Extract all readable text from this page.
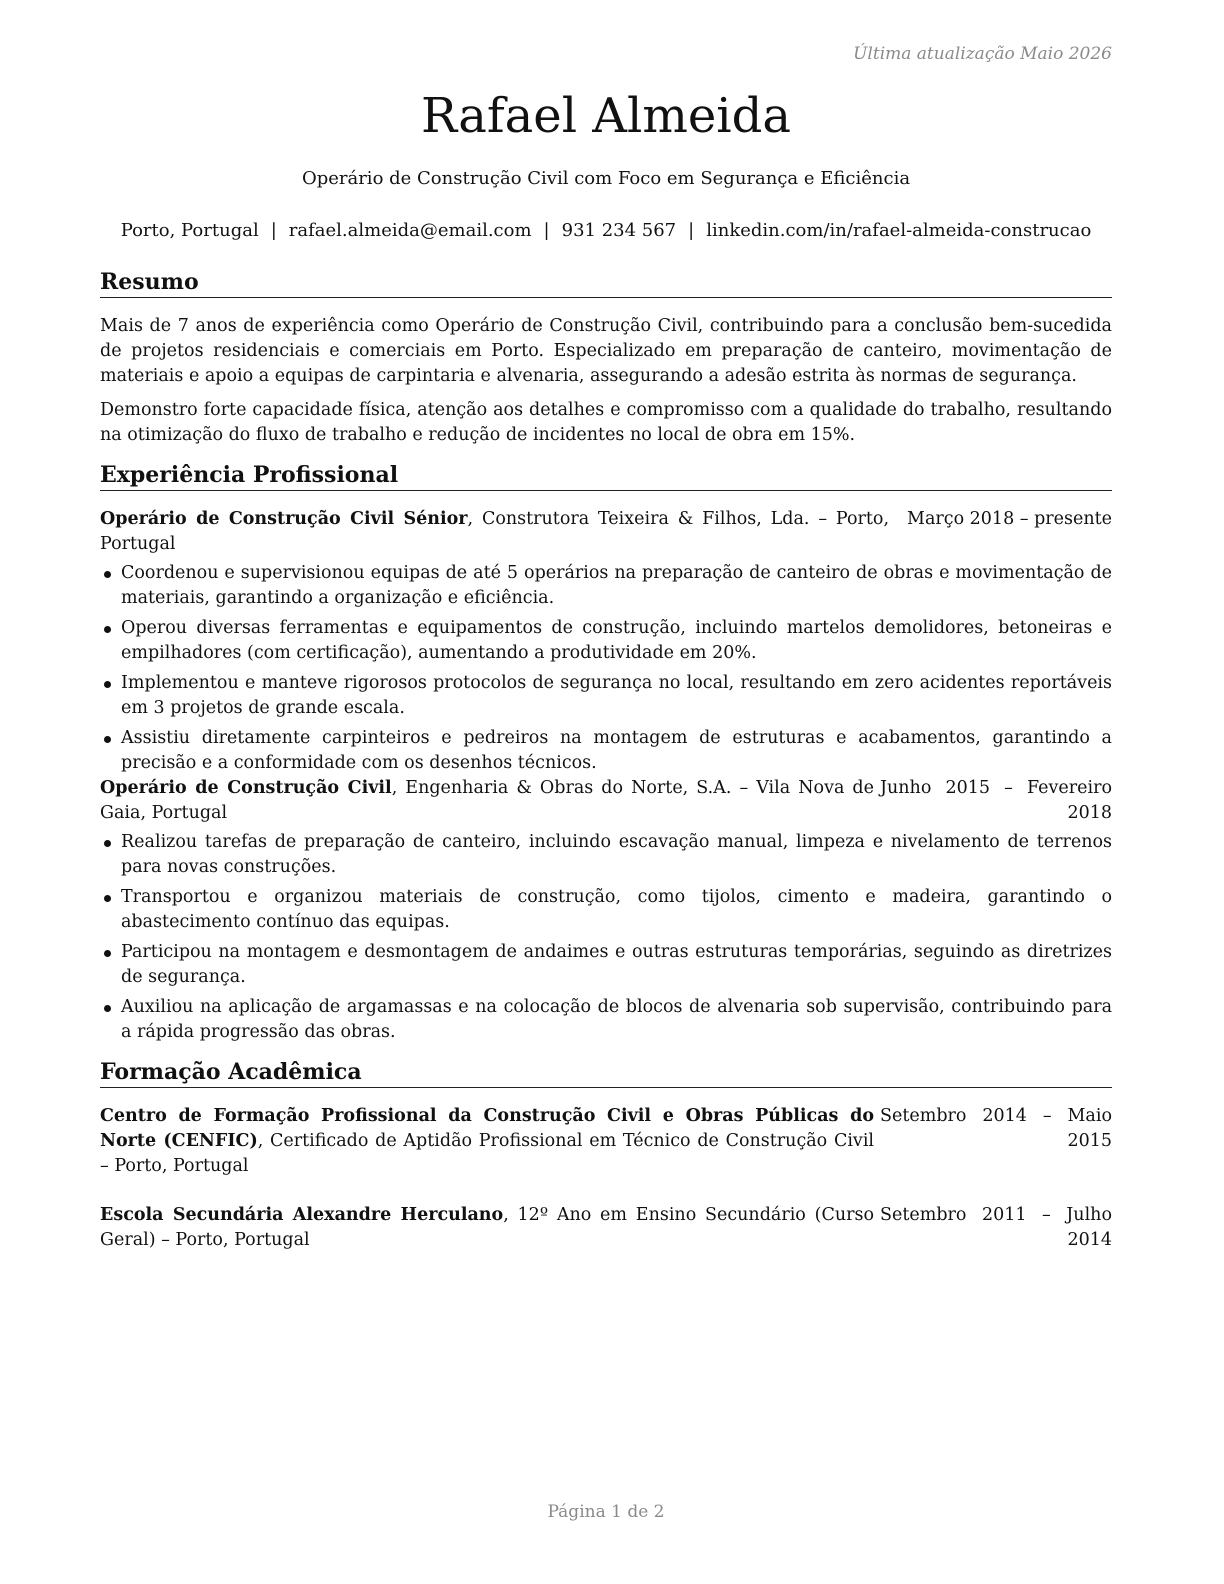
Última atualização Maio 2026
Rafael Almeida
Operário de Construção Civil com Foco em Segurança e Eficiência
Porto, Portugal | rafael.almeida@email.com | 931 234 567 | linkedin.com/in/rafael-almeida-construcao
Resumo

Mais de 7 anos de experiência como Operário de Construção Civil, contribuindo para a conclusão bem-sucedida de projetos residenciais e comerciais em Porto. Especializado em preparação de canteiro, movimentação de materiais e apoio a equipas de carpintaria e alvenaria, assegurando a adesão estrita às normas de segurança.

Demonstro forte capacidade física, atenção aos detalhes e compromisso com a qualidade do trabalho, resultando na otimização do fluxo de trabalho e redução de incidentes no local de obra em 15%.

Experiência Profissional
Operário de Construção Civil Sénior, Construtora Teixeira & Filhos, Lda. – Porto, Portugal
Março 2018 – presente
Coordenou e supervisionou equipas de até 5 operários na preparação de canteiro de obras e movimentação de materiais, garantindo a organização e eficiência.
Operou diversas ferramentas e equipamentos de construção, incluindo martelos demolidores, betoneiras e empilhadores (com certificação), aumentando a produtividade em 20%.
Implementou e manteve rigorosos protocolos de segurança no local, resultando em zero acidentes reportáveis em 3 projetos de grande escala.
Assistiu diretamente carpinteiros e pedreiros na montagem de estruturas e acabamentos, garantindo a precisão e a conformidade com os desenhos técnicos.
Operário de Construção Civil, Engenharia & Obras do Norte, S.A. – Vila Nova de Gaia, Portugal
Junho 2015 – Fevereiro 2018
Realizou tarefas de preparação de canteiro, incluindo escavação manual, limpeza e nivelamento de terrenos para novas construções.
Transportou e organizou materiais de construção, como tijolos, cimento e madeira, garantindo o abastecimento contínuo das equipas.
Participou na montagem e desmontagem de andaimes e outras estruturas temporárias, seguindo as diretrizes de segurança.
Auxiliou na aplicação de argamassas e na colocação de blocos de alvenaria sob supervisão, contribuindo para a rápida progressão das obras.
Formação Acadêmica
Centro de Formação Profissional da Construção Civil e Obras Públicas do Norte (CENFIC), Certificado de Aptidão Profissional em Técnico de Construção Civil – Porto, Portugal
Setembro 2014 – Maio 2015
Escola Secundária Alexandre Herculano, 12º Ano em Ensino Secundário (Curso Geral) – Porto, Portugal
Setembro 2011 – Julho 2014
Página 1 de 2
